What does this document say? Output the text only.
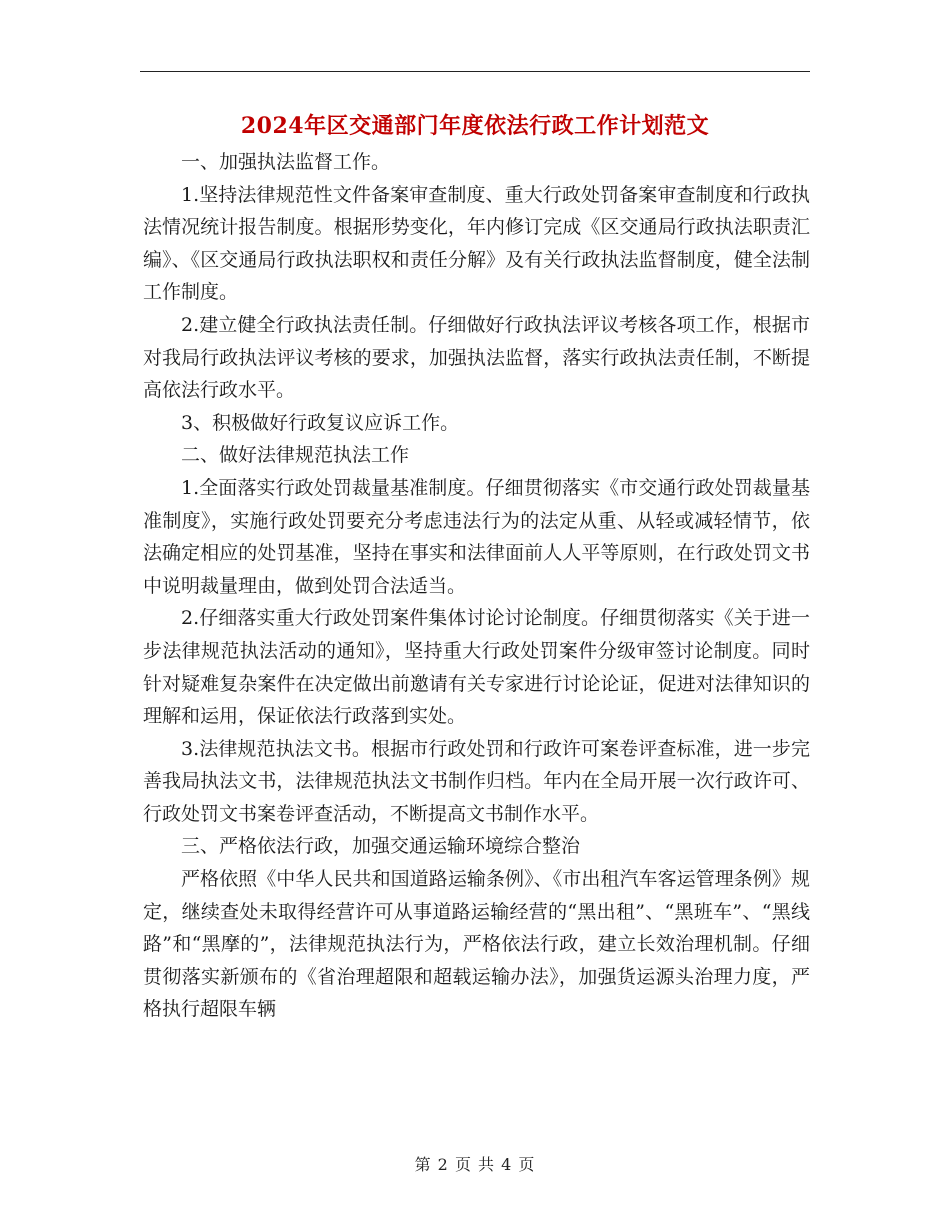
2024年区交通部门年度依法行政工作计划范文

一、加强执法监督工作。

1.坚持法律规范性文件备案审查制度、重大行政处罚备案审查制度和行政执法情况统计报告制度。根据形势变化，年内修订完成《区交通局行政执法职责汇编》、《区交通局行政执法职权和责任分解》及有关行政执法监督制度，健全法制工作制度。

2.建立健全行政执法责任制。仔细做好行政执法评议考核各项工作，根据市对我局行政执法评议考核的要求，加强执法监督，落实行政执法责任制，不断提高依法行政水平。

3、积极做好行政复议应诉工作。

二、做好法律规范执法工作

1.全面落实行政处罚裁量基准制度。仔细贯彻落实《市交通行政处罚裁量基准制度》，实施行政处罚要充分考虑违法行为的法定从重、从轻或减轻情节，依法确定相应的处罚基准，坚持在事实和法律面前人人平等原则，在行政处罚文书中说明裁量理由，做到处罚合法适当。

2.仔细落实重大行政处罚案件集体讨论讨论制度。仔细贯彻落实《关于进一步法律规范执法活动的通知》，坚持重大行政处罚案件分级审签讨论制度。同时针对疑难复杂案件在决定做出前邀请有关专家进行讨论论证，促进对法律知识的理解和运用，保证依法行政落到实处。

3.法律规范执法文书。根据市行政处罚和行政许可案卷评查标准，进一步完善我局执法文书，法律规范执法文书制作归档。年内在全局开展一次行政许可、行政处罚文书案卷评查活动，不断提高文书制作水平。

三、严格依法行政，加强交通运输环境综合整治

严格依照《中华人民共和国道路运输条例》、《市出租汽车客运管理条例》规定，继续查处未取得经营许可从事道路运输经营的“黑出租”、“黑班车”、“黑线路”和“黑摩的”，法律规范执法行为，严格依法行政，建立长效治理机制。仔细贯彻落实新颁布的《省治理超限和超载运输办法》，加强货运源头治理力度，严格执行超限车辆

第 2 页 共 4 页
